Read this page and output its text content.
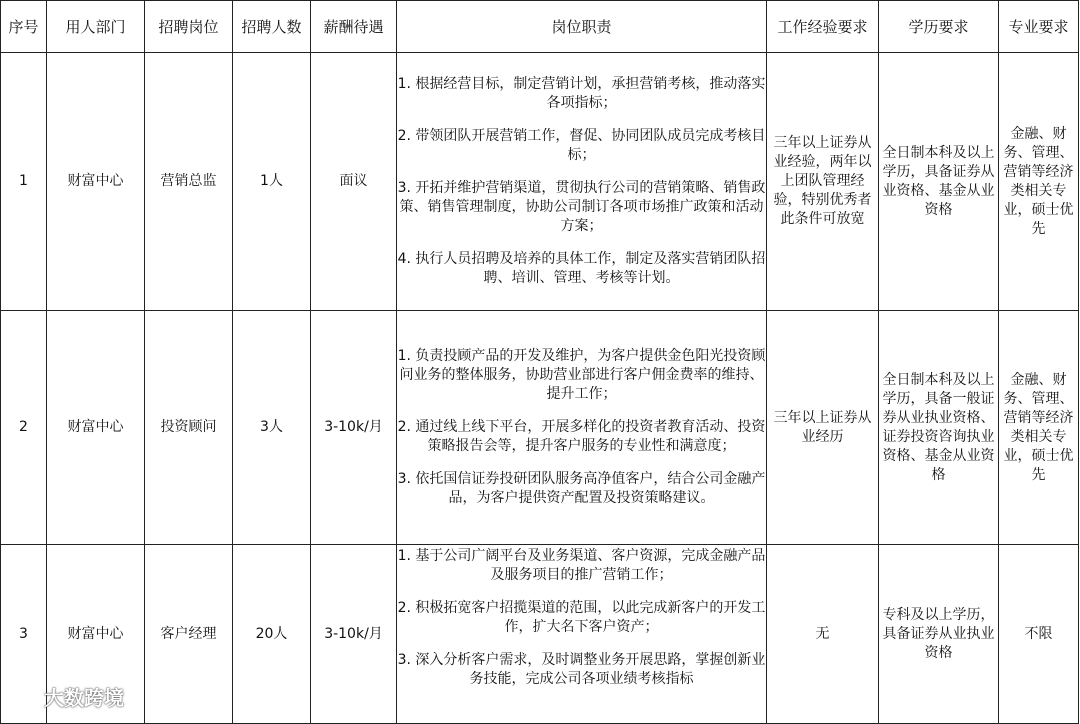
序号	用人部门	招聘岗位	招聘人数	薪酬待遇	岗位职责	工作经验要求	学历要求	专业要求
1	财富中心	营销总监	1人	面议	1. 根据经营目标，制定营销计划，承担营销考核，推动落实各项指标；

2. 带领团队开展营销工作，督促、协同团队成员完成考核目标；

3. 开拓并维护营销渠道，贯彻执行公司的营销策略、销售政策、销售管理制度，协助公司制订各项市场推广政策和活动方案；

4. 执行人员招聘及培养的具体工作，制定及落实营销团队招聘、培训、管理、考核等计划。	三年以上证券从业经验，两年以上团队管理经验，特别优秀者此条件可放宽	全日制本科及以上学历，具备证券从业资格、基金从业资格	金融、财务、管理、营销等经济类相关专业，硕士优先
2	财富中心	投资顾问	3人	3-10k/月	1. 负责投顾产品的开发及维护，为客户提供金色阳光投资顾问业务的整体服务，协助营业部进行客户佣金费率的维持、提升工作；

2. 通过线上线下平台，开展多样化的投资者教育活动、投资策略报告会等，提升客户服务的专业性和满意度；

3. 依托国信证券投研团队服务高净值客户，结合公司金融产品，为客户提供资产配置及投资策略建议。	三年以上证券从业经历	全日制本科及以上学历，具备一般证券从业执业资格、证券投资咨询执业资格、基金从业资格	金融、财务、管理、营销等经济类相关专业，硕士优先
3	财富中心	客户经理	20人	3-10k/月	1. 基于公司广阔平台及业务渠道、客户资源，完成金融产品及服务项目的推广营销工作；

2. 积极拓宽客户招揽渠道的范围，以此完成新客户的开发工作，扩大名下客户资产；

3. 深入分析客户需求，及时调整业务开展思路，掌握创新业务技能，完成公司各项业绩考核指标	无	专科及以上学历，具备证券从业执业资格	不限
大数跨境
